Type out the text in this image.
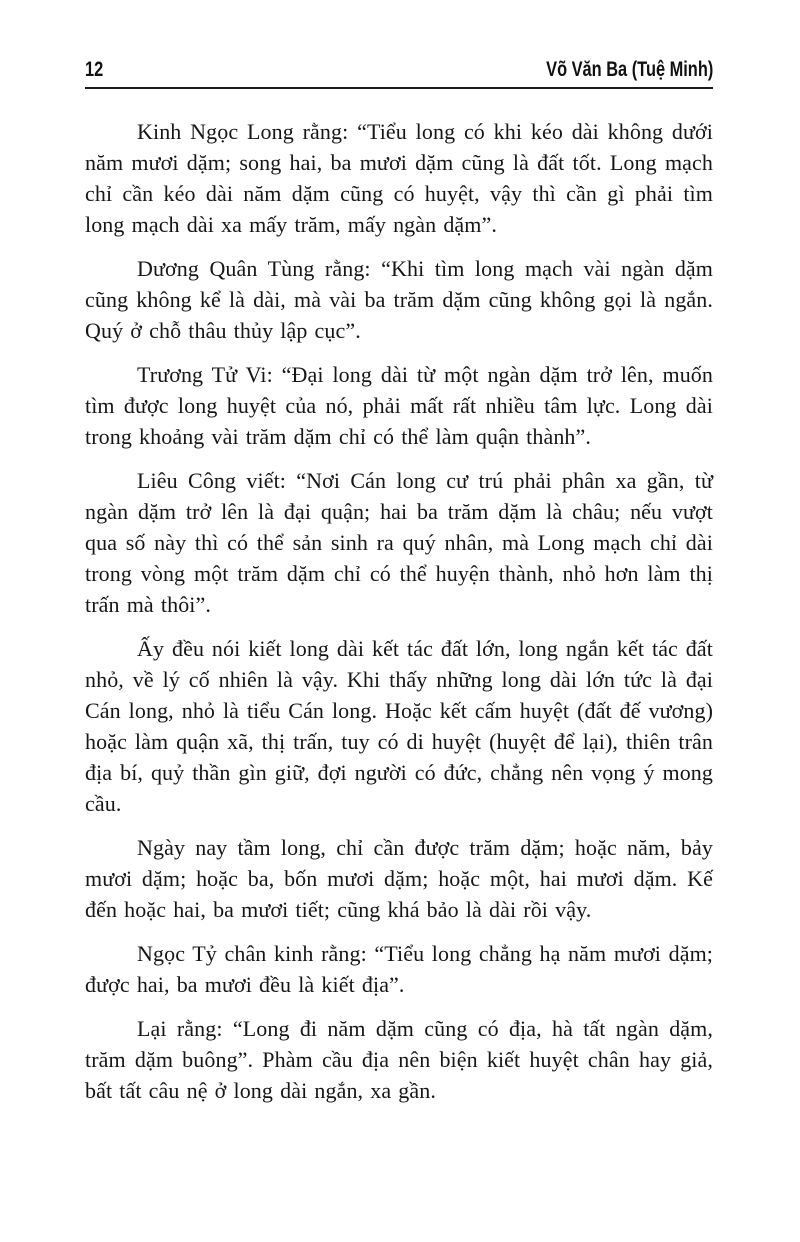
12	Võ Văn Ba (Tuệ Minh)

Kinh Ngọc Long rằng: “Tiểu long có khi kéo dài không dưới năm mươi dặm; song hai, ba mươi dặm cũng là đất tốt. Long mạch chỉ cần kéo dài năm dặm cũng có huyệt, vậy thì cần gì phải tìm long mạch dài xa mấy trăm, mấy ngàn dặm”.

Dương Quân Tùng rằng: “Khi tìm long mạch vài ngàn dặm cũng không kể là dài, mà vài ba trăm dặm cũng không gọi là ngắn. Quý ở chỗ thâu thủy lập cục”.

Trương Tử Vi: “Đại long dài từ một ngàn dặm trở lên, muốn tìm được long huyệt của nó, phải mất rất nhiều tâm lực. Long dài trong khoảng vài trăm dặm chỉ có thể làm quận thành”.

Liêu Công viết: “Nơi Cán long cư trú phải phân xa gần, từ ngàn dặm trở lên là đại quận; hai ba trăm dặm là châu; nếu vượt qua số này thì có thể sản sinh ra quý nhân, mà Long mạch chỉ dài trong vòng một trăm dặm chỉ có thể huyện thành, nhỏ hơn làm thị trấn mà thôi”.

Ấy đều nói kiết long dài kết tác đất lớn, long ngắn kết tác đất nhỏ, về lý cố nhiên là vậy. Khi thấy những long dài lớn tức là đại Cán long, nhỏ là tiểu Cán long. Hoặc kết cấm huyệt (đất đế vương) hoặc làm quận xã, thị trấn, tuy có di huyệt (huyệt để lại), thiên trân địa bí, quỷ thần gìn giữ, đợi người có đức, chẳng nên vọng ý mong cầu.

Ngày nay tầm long, chỉ cần được trăm dặm; hoặc năm, bảy mươi dặm; hoặc ba, bốn mươi dặm; hoặc một, hai mươi dặm. Kế đến hoặc hai, ba mươi tiết; cũng khá bảo là dài rồi vậy.

Ngọc Tỷ chân kinh rằng: “Tiểu long chẳng hạ năm mươi dặm; được hai, ba mươi đều là kiết địa”.

Lại rằng: “Long đi năm dặm cũng có địa, hà tất ngàn dặm, trăm dặm buông”. Phàm cầu địa nên biện kiết huyệt chân hay giả, bất tất câu nệ ở long dài ngắn, xa gần.
